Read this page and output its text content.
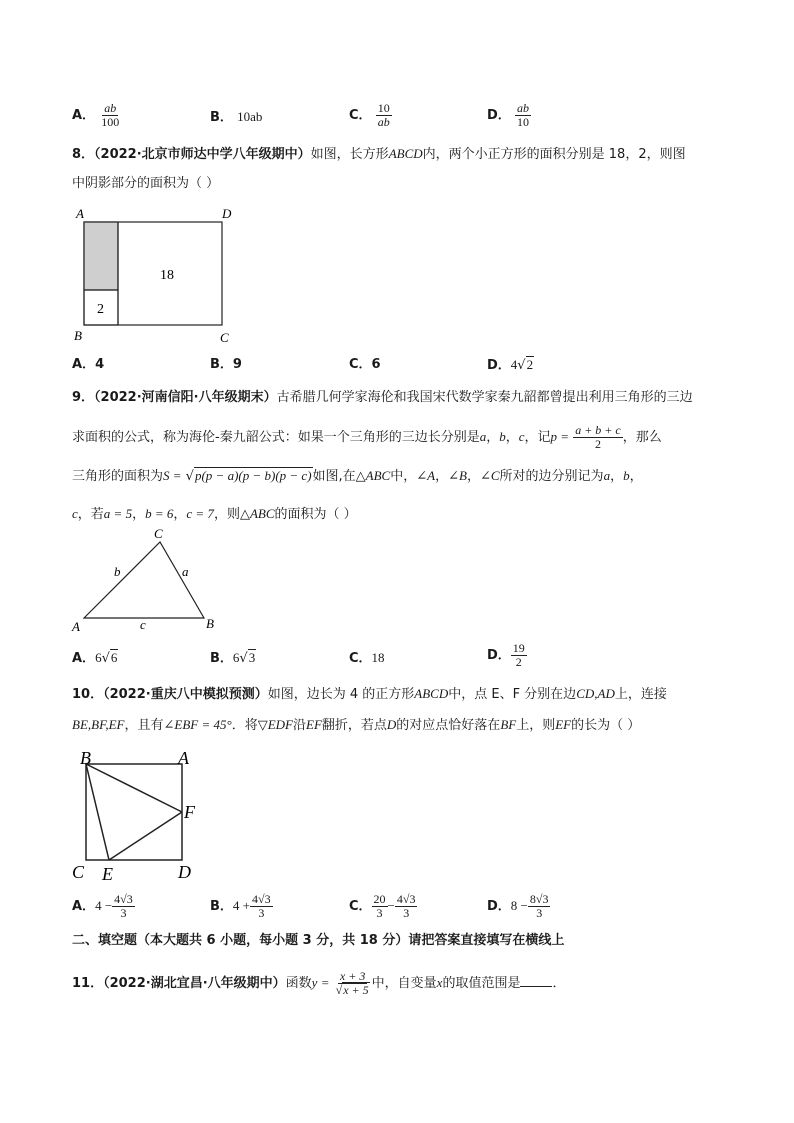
A． $\frac{ab}{100}$	B． 10ab	C． $\frac{10}{ab}$	D． $\frac{ab}{10}$
8．（2022·北京市师达中学八年级期中）如图，长方形ABCD内，两个小正方形的面积分别是 18，2，则图
中阴影部分的面积为（ ）
A	D
B	C
18
2
A．4	B．9	C．6	D．4√2
9．（2022·河南信阳·八年级期末）古希腊几何学家海伦和我国宋代数学家秦九韶都曾提出利用三角形的三边
求面积的公式，称为海伦-秦九韶公式：如果一个三角形的三边长分别是a，b，c，记$p = \frac{a + b + c}{2}$ ，那么
三角形的面积为S = √p(p − a)(p − b)(p − c)如图,在△ABC中，∠A，∠B，∠C所对的边分别记为a，b，
c，若a = 5，b = 6，c = 7，则△ABC的面积为（ ）
C
A	B
b	a
c
A．6√6	B．6√3	C．18	D． $\frac{19}{2}$
10．（2022·重庆八中模拟预测）如图，边长为 4 的正方形ABCD中，点 E、F 分别在边CD,AD上，连接
BE,BF,EF，且有∠EBF = 45°．将▽EDF沿EF翻折，若点D的对应点恰好落在BF上，则EF的长为（ ）
B	A
F
C E	D
A．$4 - \frac{4√3}{3}$	B．$4 + \frac{4√3}{3}$	C． $\frac{20}{3} - \frac{4√3}{3}$	D．$8 - \frac{8√3}{3}$
二、填空题（本大题共 6 小题，每小题 3 分，共 18 分）请把答案直接填写在横线上
11．（2022·湖北宜昌·八年级期中）函数$y = \frac{x + 3}{√x + 5}$ 中，自变量x的取值范围是 ．
